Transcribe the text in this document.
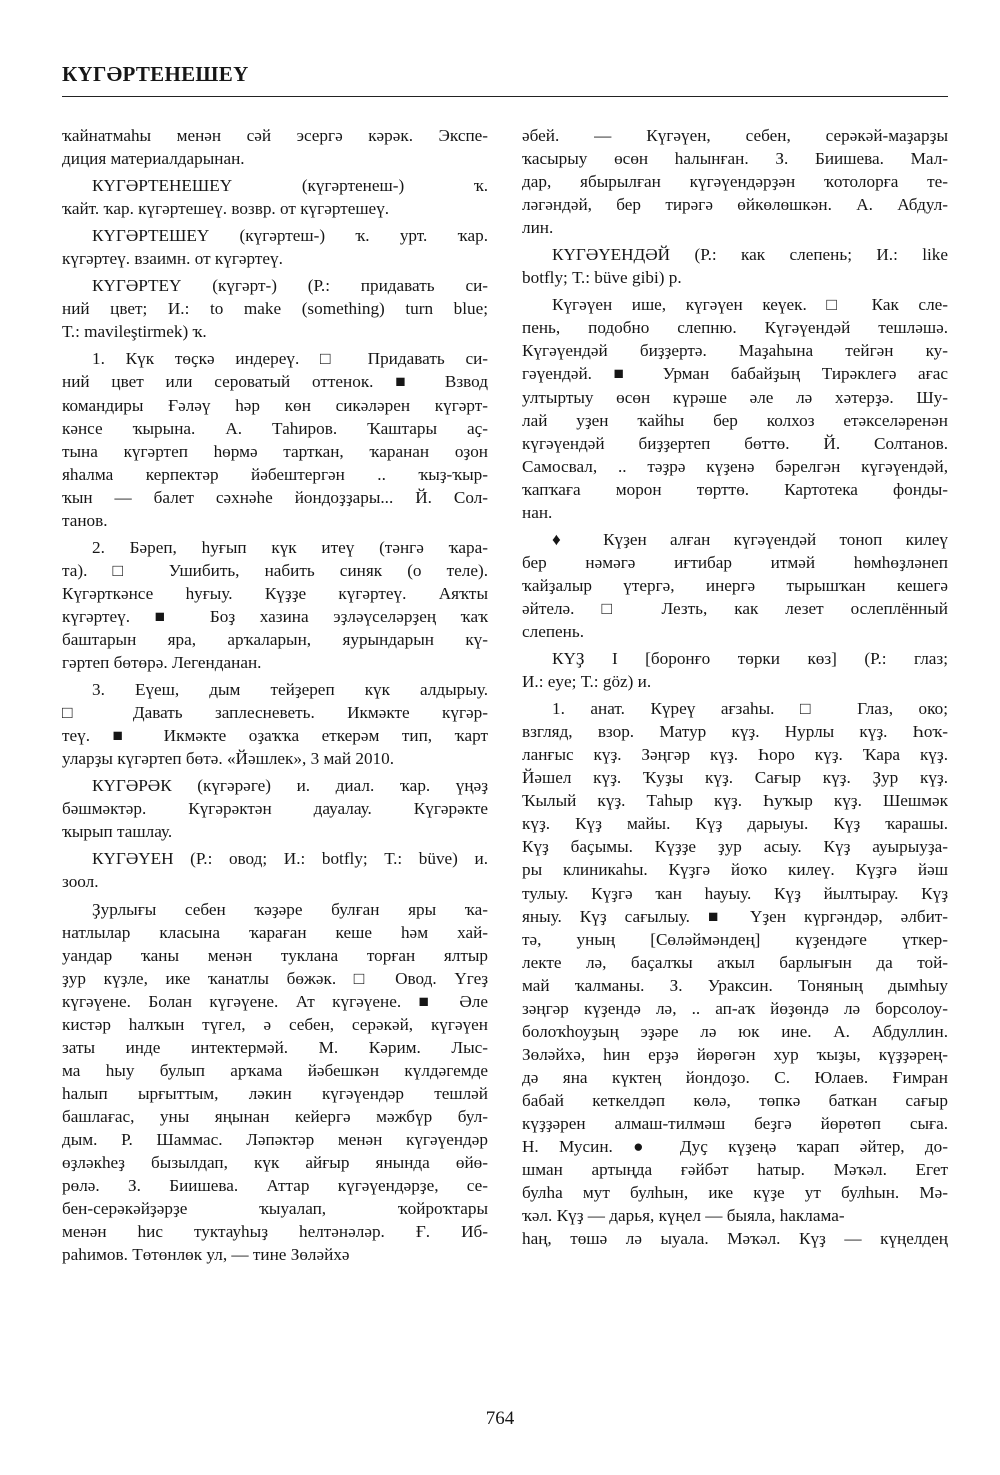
КҮГӘРТЕНЕШЕҮ
ҡайнатмаһы менән сәй эсергә кәрәк. Экспе-
диция материалдарынан.
КҮГӘРТЕНЕШЕҮ (күгәртенеш-) ҡ.
ҡайт. ҡар. күгәртешеү. возвр. от күгәртешеү.
КҮГӘРТЕШЕҮ (күгәртеш-) ҡ. урт. ҡар.
күгәртеү. взаимн. от күгәртеү.
КҮГӘРТЕҮ (күгәрт-) (Р.: придавать си-
ний цвет; И.: to make (something) turn blue;
Т.: mavileştirmek) ҡ.
1. Күк төҫкә индереү. □ Придавать си-
ний цвет или сероватый оттенок. ■ Взвод
командиры Ғәләү һәр көн сикәләрен күгәрт-
кәнсе ҡырына. А. Таһиров. Ҡаштары аҫ-
тына күгәртеп һөрмә тарткан, ҡаранан оҙон
яһалма керпектәр йәбештергән .. ҡыҙ-ҡыр-
ҡын — балет сәхнәһе йондоҙҙары... Й. Сол-
танов.
2. Бәреп, һуғып күк итеү (тәнгә ҡара-
та). □ Ушибить, набить синяк (о теле).
Күгәрткәнсе һуғыу. Күҙҙе күгәртеү. Аяҡты
күгәртеү. ■ Боҙ хазина эҙләүселәрҙең ҡаҡ
баштарын яра, арҡаларын, яурындарын кү-
гәртеп бөтөрә. Легенданан.
3. Еүеш, дым тейҙереп күк алдырыу.
□ Давать заплесневеть. Икмәкте күгәр-
теү. ■ Икмәкте оҙаҡҡа еткерәм тип, ҡарт
уларҙы күгәртеп бөтә. «Йәшлек», 3 май 2010.
КҮГӘРӘК (күгәрәге) и. диал. ҡар. үңәҙ
бәшмәктәр. Күгәрәктән дауалау. Күгәрәкте
ҡырып ташлау.
КҮГӘҮЕН (Р.: овод; И.: botfly; Т.: büve) и.
зоол.
Ҙурлығы себен ҡәҙәре булған яры ҡа-
натлылар класына ҡараған кеше һәм хай-
уандар ҡаны менән туклана торған ялтыр
ҙур күҙле, ике ҡанатлы бөжәк. □ Овод. Үгеҙ
күгәүене. Болан күгәүене. Ат күгәүене. ■ Әле
кистәр һалҡын түгел, ә себен, серәкәй, күгәүен
заты инде интектермәй. М. Кәрим. Лыс-
ма һыу булып арҡама йәбешкән күлдәгемде
һалып ырғыттым, ләкин күгәүендәр тешләй
башлағас, уны яңынан кейергә мәжбүр бул-
дым. Р. Шаммас. Ләпәктәр менән күгәүендәр
өҙләкһеҙ бызылдап, күк айғыр янында өйө-
рөлә. З. Биишева. Аттар күгәүендәрҙе, се-
бен-серәкәйҙәрҙе ҡыуалап, ҡойроҡтары
менән һис туктауһыҙ һелтәнәләр. Ғ. Иб-
раһимов. Төтөнлөк ул, — тине Зөләйхә
әбей. — Күгәүен, себен, серәкәй-маҙарҙы
ҡасырыу өсөн һалынған. З. Биишева. Мал-
дар, ябырылған күгәүендәрҙән ҡотолорға те-
ләгәндәй, бер тирәгә өйкөлөшкән. А. Абдул-
лин.
КҮГӘҮЕНДӘЙ (Р.: как слепень; И.: like
botfly; Т.: büve gibi) р.
Күгәүен ише, күгәүен кеүек. □ Как сле-
пень, подобно слепню. Күгәүендәй тешләшә.
Күгәүендәй биҙҙертә. Маҙаһына тейгән ку-
гәүендәй. ■ Урман бабайҙың Тирәклегә ағас
ултыртыу өсөн күрәше әле лә хәтерҙә. Шу-
лай уҙен ҡайһы бер колхоз етәкселәренән
күгәүендәй биҙҙертеп бөттө. Й. Солтанов.
Самосвал, .. тәҙрә күҙенә бәрелгән күгәүендәй,
ҡапҡаға морон төрттө. Картотека фонды-
нан.
♦ Күҙен алған күгәүендәй тоноп килеү
бер нәмәгә иғтибар итмәй һөмһөҙләнеп
ҡайҙалыр үтергә, инергә тырышҡан кешегә
әйтелә. □ Лезть, как лезет ослеплённый
слепень.
КҮҘ I [боронғо төрки көз] (Р.: глаз;
И.: eye; Т.: göz) и.
1. анат. Күреү ағзаһы. □ Глаз, око;
взгляд, взор. Матур күҙ. Нурлы күҙ. Һоҡ-
ланғыс күҙ. Зәңгәр күҙ. Һоро күҙ. Ҡара күҙ.
Йәшел күҙ. Ҡуҙы күҙ. Сағыр күҙ. Ҙур күҙ.
Ҡылый күҙ. Таһыр күҙ. Һуҡыр күҙ. Шешмәк
күҙ. Күҙ майы. Күҙ дарыуы. Күҙ ҡарашы.
Күҙ баҫымы. Күҙҙе ҙур асыу. Күҙ ауырыуҙа-
ры клиникаһы. Күҙгә йоҡо килеү. Күҙгә йәш
тулыу. Күҙгә ҡан һауыу. Күҙ йылтырау. Күҙ
яныу. Күҙ сағылыу. ■ Үҙен күргәндәр, әлбит-
тә, уның [Сөләймәндең] күҙендәге үткер-
лекте лә, баҫалҡы аҡыл барлығын да той-
май ҡалманы. З. Ураксин. Тоняның дымһыу
зәңгәр күҙендә лә, .. ап-аҡ йөҙөндә лә борсолоу-
болоҡһоуҙың эҙәре лә юк ине. А. Абдуллин.
Зөләйхә, һин ерҙә йөрөгән хур ҡыҙы, күҙҙәрең-
дә яна күктең йондоҙо. С. Юлаев. Ғимран
бабай кеткелдәп көлә, төпкә баткан сағыр
күҙҙәрен алмаш-тилмәш беҙгә йөрөтөп сыға.
Н. Мусин. ● Дуҫ күҙеңә ҡарап әйтер, до-
шман артыңда ғәйбәт һатыр. Мәҡәл. Егет
булһа мут булһын, ике күҙе ут булһын. Мә-
ҡәл. Күҙ — дарья, күңел — быяла, һаклама-
һаң, төшә лә ыуала. Мәҡәл. Күҙ — күңелдең
764
